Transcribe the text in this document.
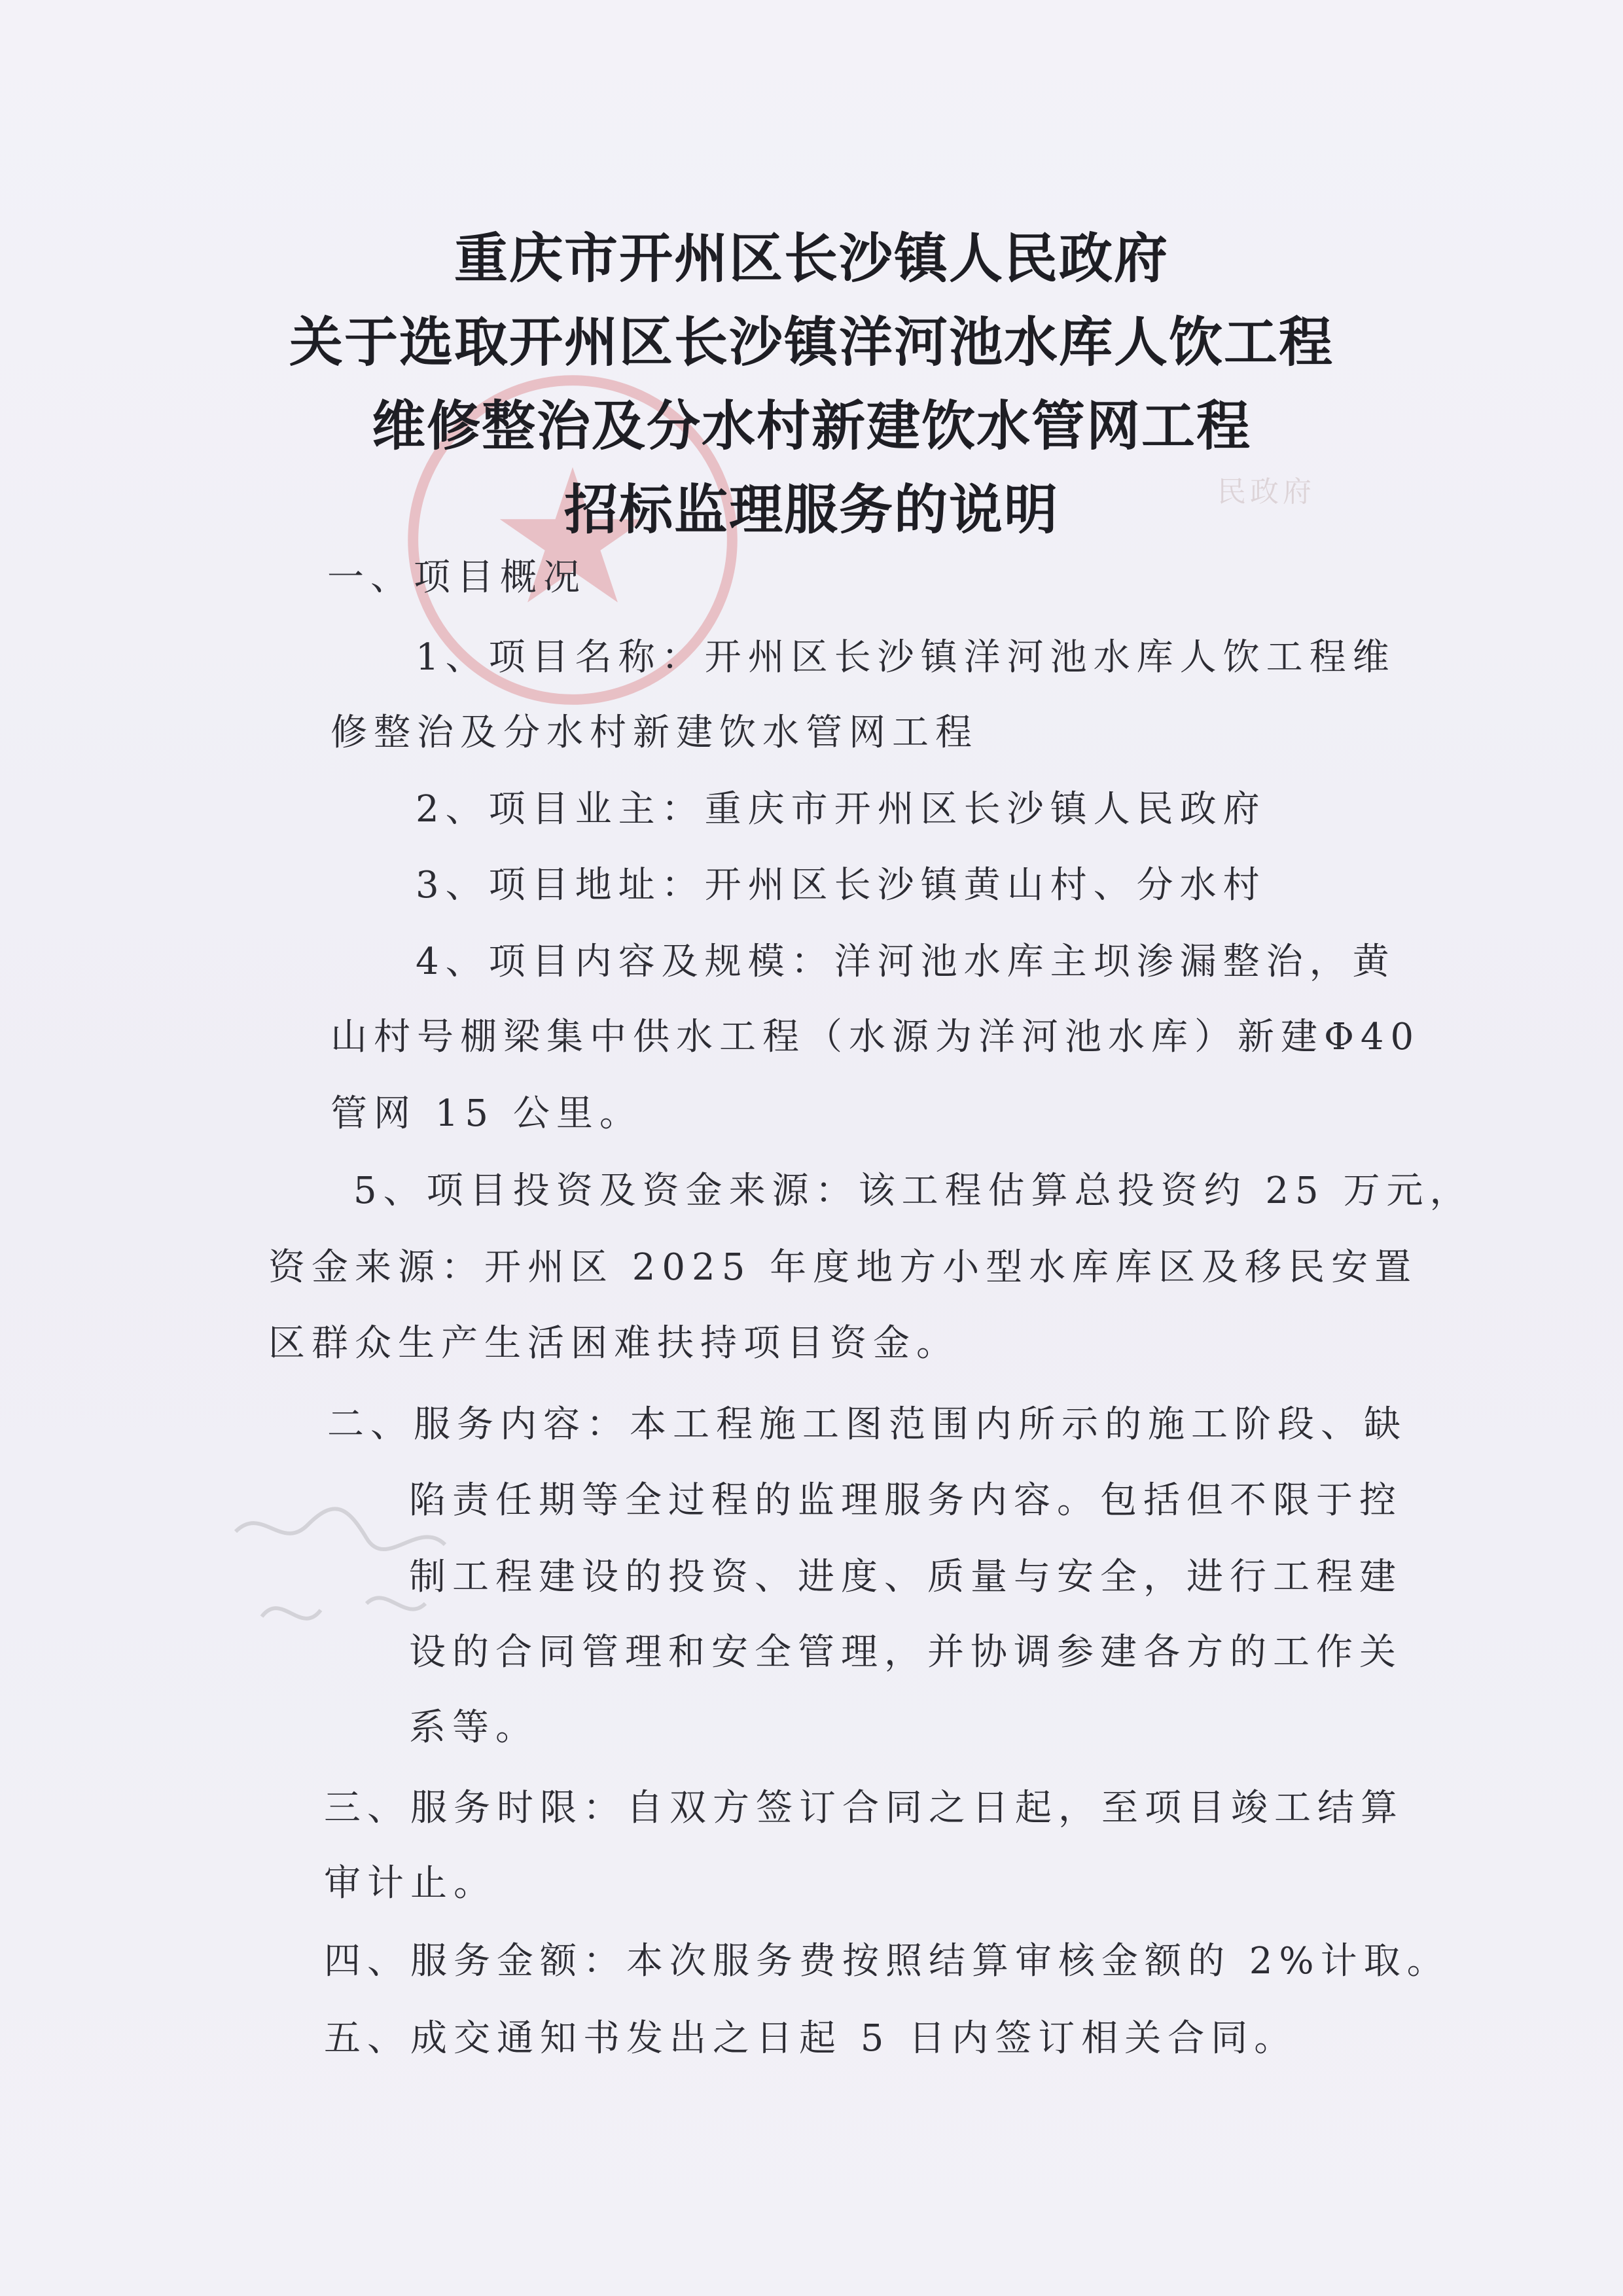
民政府
重庆市开州区长沙镇人民政府
关于选取开州区长沙镇洋河池水库人饮工程
维修整治及分水村新建饮水管网工程
招标监理服务的说明
一、项目概况
1、项目名称：开州区长沙镇洋河池水库人饮工程维
修整治及分水村新建饮水管网工程
2、项目业主：重庆市开州区长沙镇人民政府
3、项目地址：开州区长沙镇黄山村、分水村
4、项目内容及规模：洋河池水库主坝渗漏整治，黄
山村号棚梁集中供水工程（水源为洋河池水库）新建Φ40
管网 15 公里。
5、项目投资及资金来源：该工程估算总投资约 25 万元，
资金来源：开州区 2025 年度地方小型水库库区及移民安置
区群众生产生活困难扶持项目资金。
二、服务内容：本工程施工图范围内所示的施工阶段、缺
陷责任期等全过程的监理服务内容。包括但不限于控
制工程建设的投资、进度、质量与安全，进行工程建
设的合同管理和安全管理，并协调参建各方的工作关
系等。
三、服务时限：自双方签订合同之日起，至项目竣工结算
审计止。
四、服务金额：本次服务费按照结算审核金额的 2%计取。
五、成交通知书发出之日起 5 日内签订相关合同。
